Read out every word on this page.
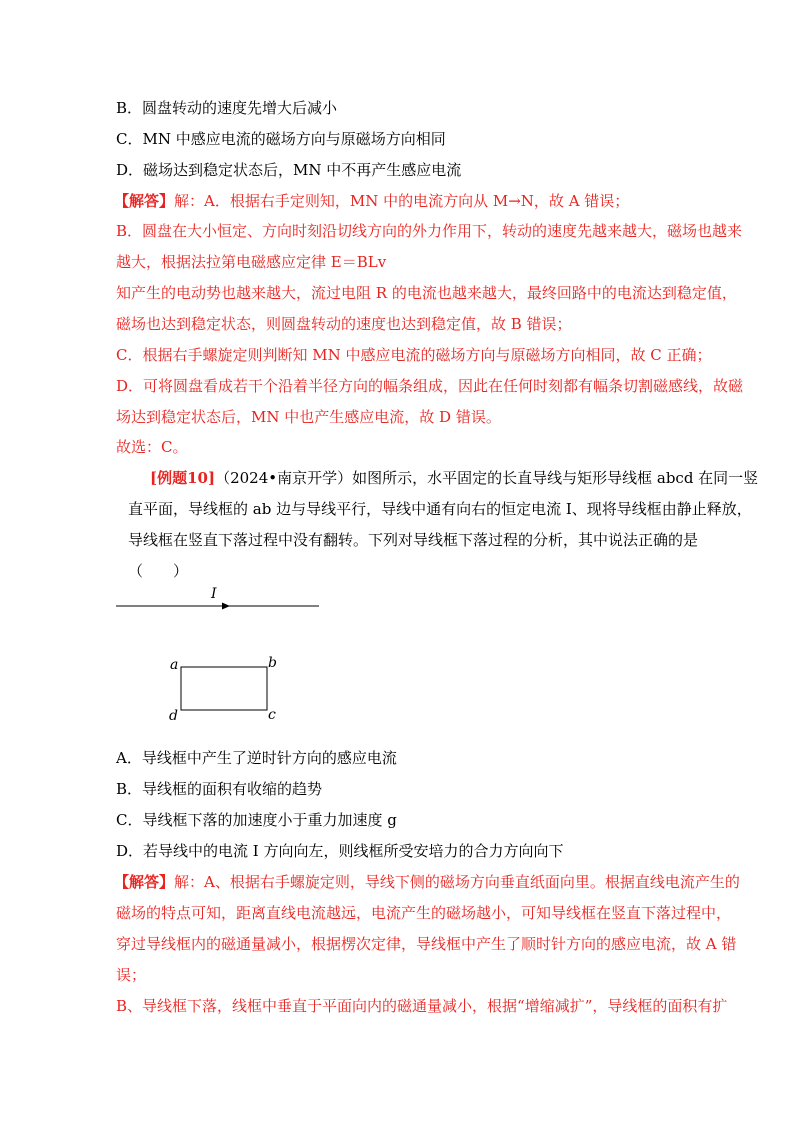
B．圆盘转动的速度先增大后减小
C．MN 中感应电流的磁场方向与原磁场方向相同
D．磁场达到稳定状态后，MN 中不再产生感应电流
【解答】解：A．根据右手定则知，MN 中的电流方向从 M→N，故 A 错误；
B．圆盘在大小恒定、方向时刻沿切线方向的外力作用下，转动的速度先越来越大，磁场也越来
越大，根据法拉第电磁感应定律 E＝BLv
知产生的电动势也越来越大，流过电阻 R 的电流也越来越大，最终回路中的电流达到稳定值，
磁场也达到稳定状态，则圆盘转动的速度也达到稳定值，故 B 错误；
C．根据右手螺旋定则判断知 MN 中感应电流的磁场方向与原磁场方向相同，故 C 正确；
D．可将圆盘看成若干个沿着半径方向的幅条组成，因此在任何时刻都有幅条切割磁感线，故磁
场达到稳定状态后，MN 中也产生感应电流，故 D 错误。
故选：C。
[例题10]（2024•南京开学）如图所示，水平固定的长直导线与矩形导线框 abcd 在同一竖
直平面，导线框的 ab 边与导线平行，导线中通有向右的恒定电流 I、现将导线框由静止释放，
导线框在竖直下落过程中没有翻转。下列对导线框下落过程的分析，其中说法正确的是
（　　）
I
a	b
c
d
A．导线框中产生了逆时针方向的感应电流
B．导线框的面积有收缩的趋势
C．导线框下落的加速度小于重力加速度 g
D．若导线中的电流 I 方向向左，则线框所受安培力的合力方向向下
【解答】解：A、根据右手螺旋定则，导线下侧的磁场方向垂直纸面向里。根据直线电流产生的
磁场的特点可知，距离直线电流越远，电流产生的磁场越小，可知导线框在竖直下落过程中，
穿过导线框内的磁通量减小，根据楞次定律，导线框中产生了顺时针方向的感应电流，故 A 错
误；
B、导线框下落，线框中垂直于平面向内的磁通量减小，根据“增缩减扩”，导线框的面积有扩
